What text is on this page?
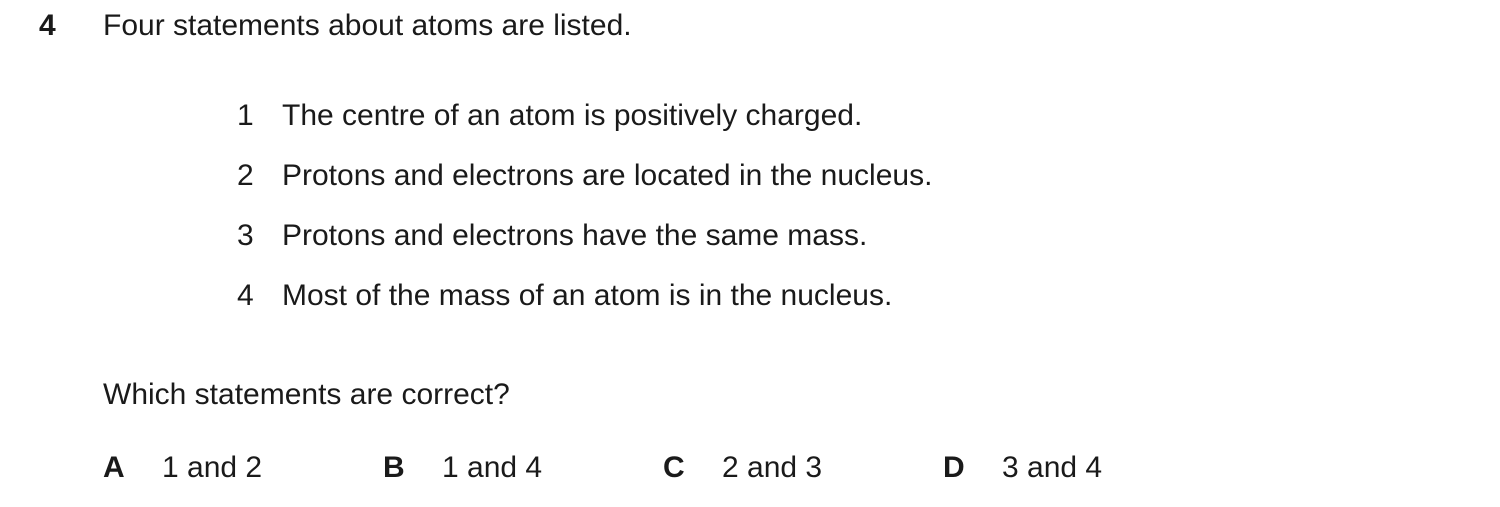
4	Four statements about atoms are listed.
1 The centre of an atom is positively charged.
2 Protons and electrons are located in the nucleus.
3 Protons and electrons have the same mass.
4 Most of the mass of an atom is in the nucleus.
Which statements are correct?
A	1 and 2	B	1 and 4	C	2 and 3	D	3 and 4
